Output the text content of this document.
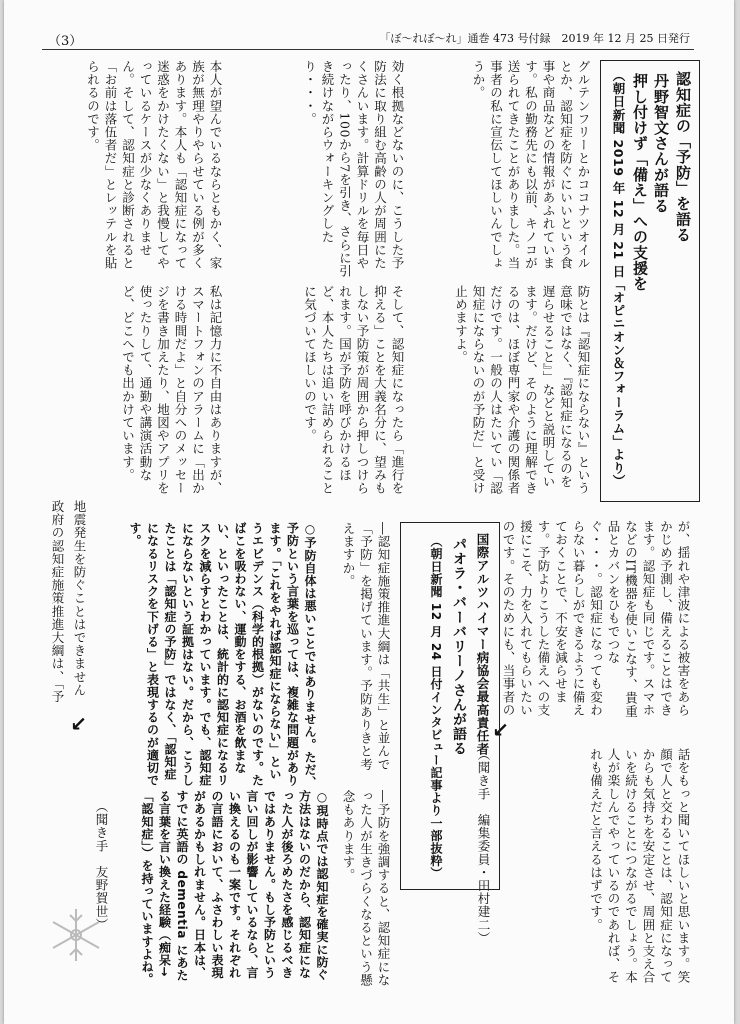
（3）	「ぼ〜れぼ〜れ」通巻 473 号付録　2019 年 12 月 25 日発行
認知症の「予防」を語る
丹野智文さんが語る
押し付けず「備え」への支援を
（朝日新聞 2019 年 12 月 21 日「オピニオン＆フォーラム」より）
グルテンフリーとかココナツオイルとか、認知症を防ぐにいいという食事や商品などの情報があふれています。私の勤務先にも以前、キノコが送られてきたことがありました。当事者の私に宣伝してほしいんでしょうか。
防とは『認知症にならない』という意味ではなく、『認知症になるのを遅らせること』」などと説明しています。だけど、そのように理解できるのは、ほぼ専門家や介護の関係者だけです。一般の人はたいてい「認知症にならないのが予防だ」と受け止めますよ。
効く根拠などないのに、こうした予防法に取り組む高齢の人が周囲にたくさんいます。計算ドリルを毎日やったり、100から7を引き、さらに引き続けながらウォーキングしたり・・・。
そして、認知症になったら「進行を抑える」ことを大義名分に、望みもしない予防策が周囲から押しつけられます。国が予防を呼びかけるほど、本人たちは追い詰められることに気づいてほしいのです。
本人が望んでいるならともかく、家族が無理やりやらせている例が多くあります。本人も「認知症になって迷惑をかけたくない」と我慢してやっているケースが少なくありません。そして、認知症と診断されると「お前は落伍者だ」とレッテルを貼られるのです。
私は記憶力に不自由はありますが、スマートフォンのアラームに「出かける時間だよ」と自分へのメッセージを書き加えたり、地図やアプリを使ったりして、通勤や講演活動など、どこへでも出かけています。
が、揺れや津波による被害をあらかじめ予測し、備えることはできます。認知症も同じです。スマホなどのIT機器を使いこなす、貴重品とカバンをひもでつなぐ・・・。認知症になっても変わらない暮らしができるように備えておくことで、不安を減らせます。予防よりこうした備えへの支援にこそ、力を入れてもらいたいのです。そのためにも、当事者の
話をもっと聞いてほしいと思います。笑顔で人と交わることは、認知症になってからも気持ちを安定させ、周囲と支え合いを続けることにつながるでしょう。本人が楽しんでやっているのであれば、それも備えだと言えるはずです。
（聞き手　編集委員・田村建二）
↓
政府の認知症施策推進大綱は、「予 地震発生を防ぐことはできません	国際アルツハイマー病協会最高責任者
パオラ・バーバリーノさんが語る
（朝日新聞 12 月 24 日付インタビュー記事より一部抜粋）
―認知症施策推進大綱は「共生」と並んで「予防」を掲げています。予防ありきと考えますか。
○予防自体は悪いことではありません。ただ、予防という言葉を巡っては、複雑な問題があります。「これをやれば認知症にならない」というエビデンス（科学的根拠）がないのです。たばこを吸わない、運動をする、お酒を飲まない、といったことは、統計的に認知症になるリスクを減らすとわかっています。でも、認知症にならないという証拠はない。だから、こうしたことは「認知症の予防」ではなく、「認知症になるリスクを下げる」と表現するのが適切です。
―予防を強調すると、認知症になった人が生きづらくなるという懸念もあります。
○現時点では認知症を確実に防ぐ方法はないのだから、認知症になった人が後ろめたさを感じるべきではありません。もし予防という言い回しが影響しているなら、言い換えるのも一案です。それぞれの言語において、ふさわしい表現があるかもしれません。日本は、すでに英語の dementia にあたる言葉を言い換えた経験（痴呆→「認知症」）を持っていますよね。
（聞き手　友野賀世）
↓
